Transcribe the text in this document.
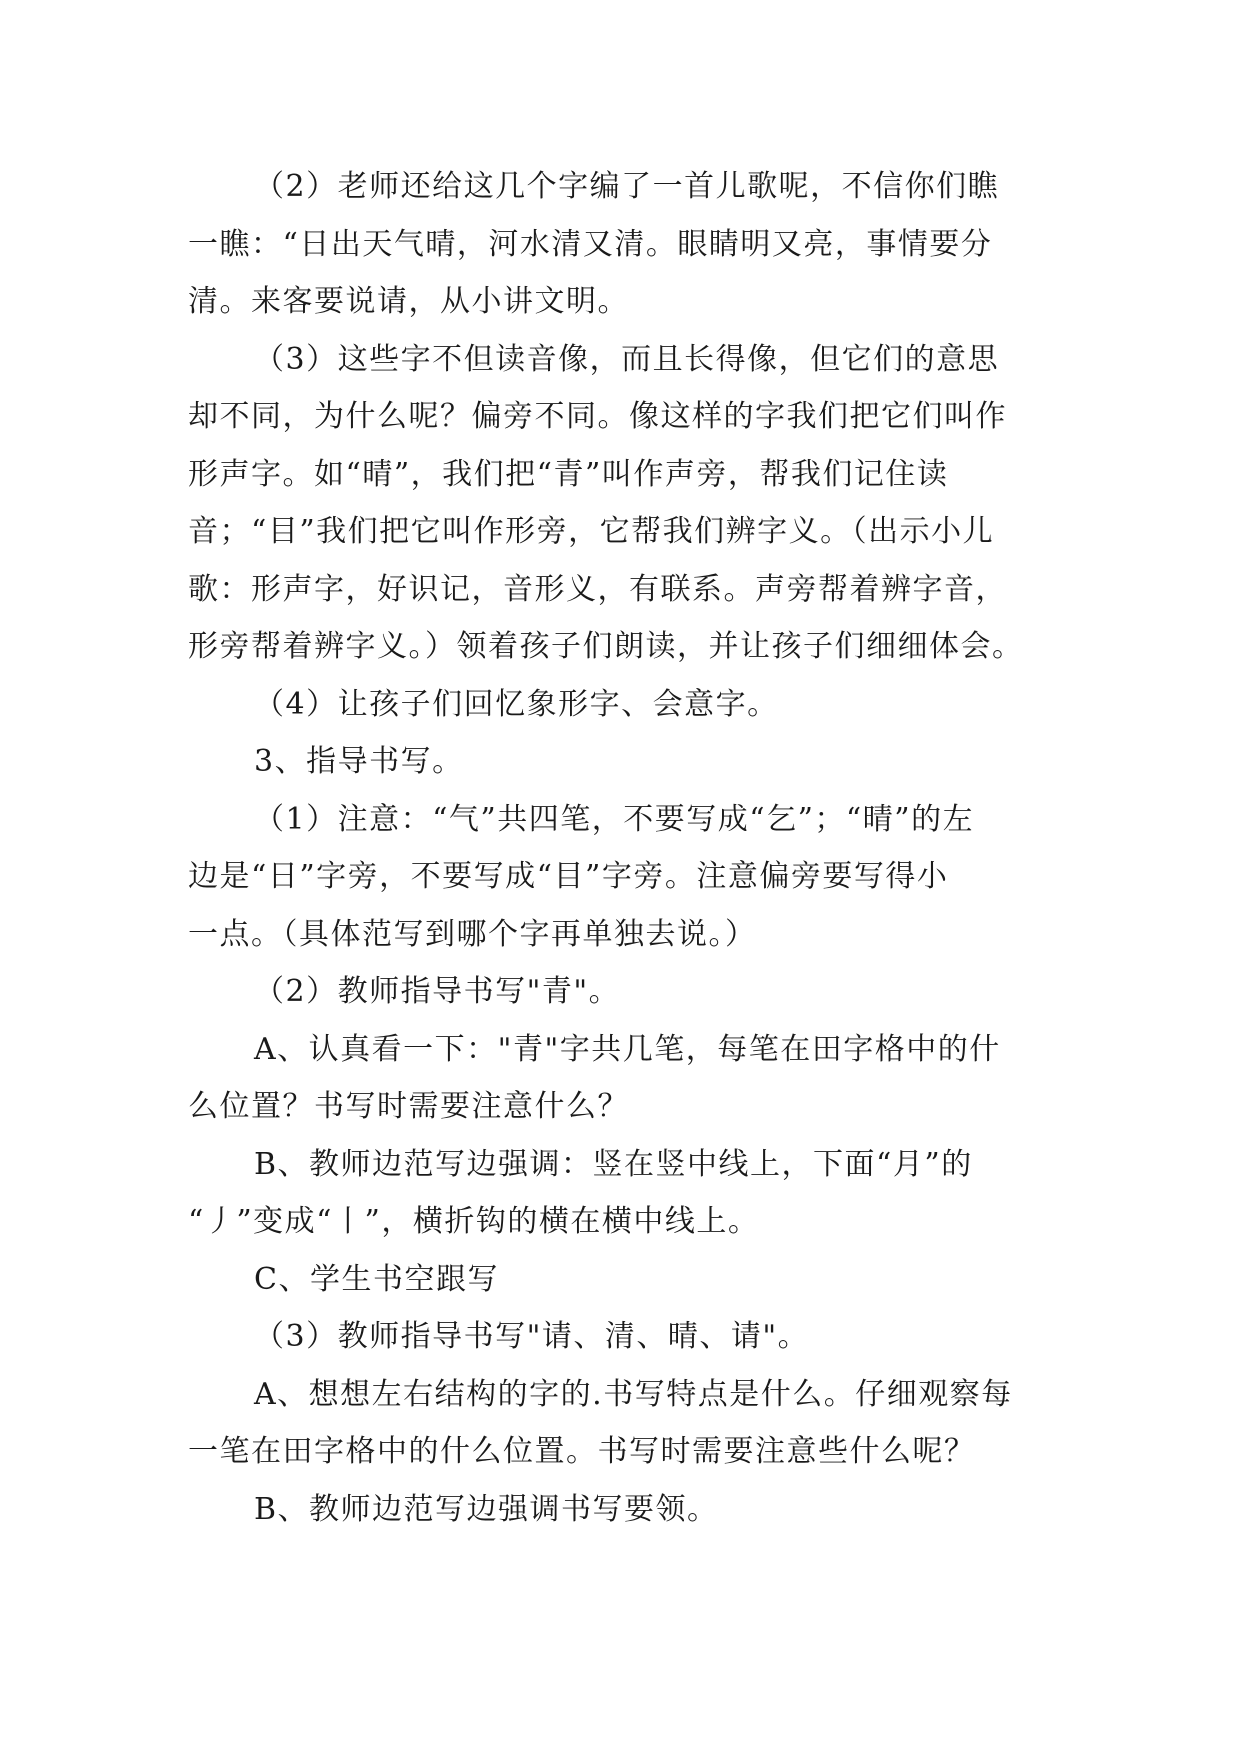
（2）老师还给这几个字编了一首儿歌呢，不信你们瞧
一瞧：“日出天气晴，河水清又清。眼睛明又亮，事情要分
清。来客要说请，从小讲文明。
（3）这些字不但读音像，而且长得像，但它们的意思
却不同，为什么呢？偏旁不同。像这样的字我们把它们叫作
形声字。如“晴”，我们把“青”叫作声旁，帮我们记住读
音；“目”我们把它叫作形旁，它帮我们辨字义。（出示小儿
歌：形声字，好识记，音形义，有联系。声旁帮着辨字音，
形旁帮着辨字义。）领着孩子们朗读，并让孩子们细细体会。
（4）让孩子们回忆象形字、会意字。
3、指导书写。
（1）注意：“气”共四笔，不要写成“乞”；“晴”的左
边是“日”字旁，不要写成“目”字旁。注意偏旁要写得小
一点。（具体范写到哪个字再单独去说。）
（2）教师指导书写"青"。
A、认真看一下："青"字共几笔，每笔在田字格中的什
么位置？书写时需要注意什么？
B、教师边范写边强调：竖在竖中线上，下面“月”的
“丿”变成“丨”，横折钩的横在横中线上。
C、学生书空跟写
（3）教师指导书写"请、清、晴、请"。
A、想想左右结构的字的.书写特点是什么。仔细观察每
一笔在田字格中的什么位置。书写时需要注意些什么呢？
B、教师边范写边强调书写要领。
